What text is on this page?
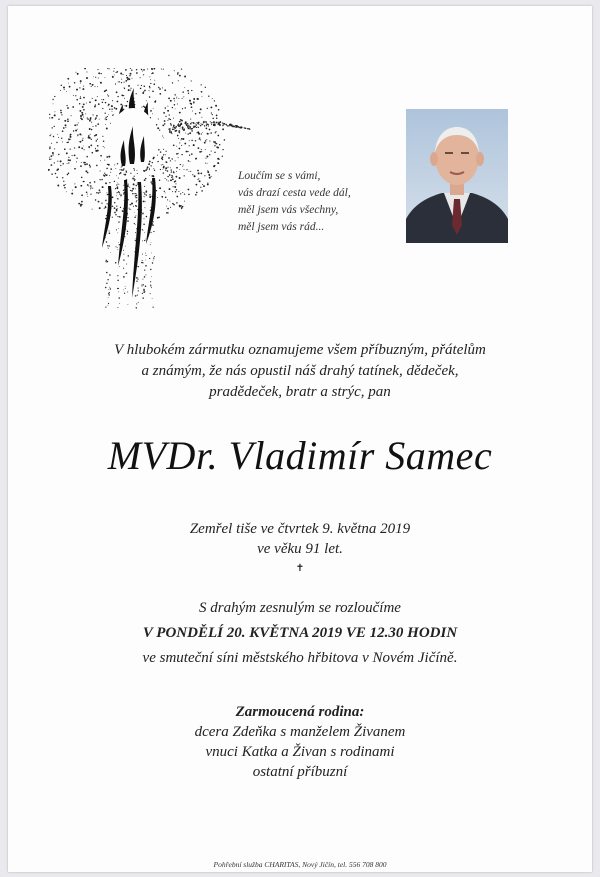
Loučím se s vámi,
vás drazí cesta vede dál,
měl jsem vás všechny,
měl jsem vás rád...
V hlubokém zármutku oznamujeme všem příbuzným, přátelům
a známým, že nás opustil náš drahý tatínek, dědeček,
pradědeček, bratr a strýc, pan
MVDr. Vladimír Samec
Zemřel tiše ve čtvrtek 9. května 2019
ve věku 91 let.
✝
S drahým zesnulým se rozloučíme
V PONDĚLÍ 20. KVĚTNA 2019 VE 12.30 HODIN
ve smuteční síni městského hřbitova v Novém Jičíně.
Zarmoucená rodina:
dcera Zdeňka s manželem Živanem
vnuci Katka a Živan s rodinami
ostatní příbuzní
Pohřební služba CHARITAS, Nový Jičín, tel. 556 708 800
